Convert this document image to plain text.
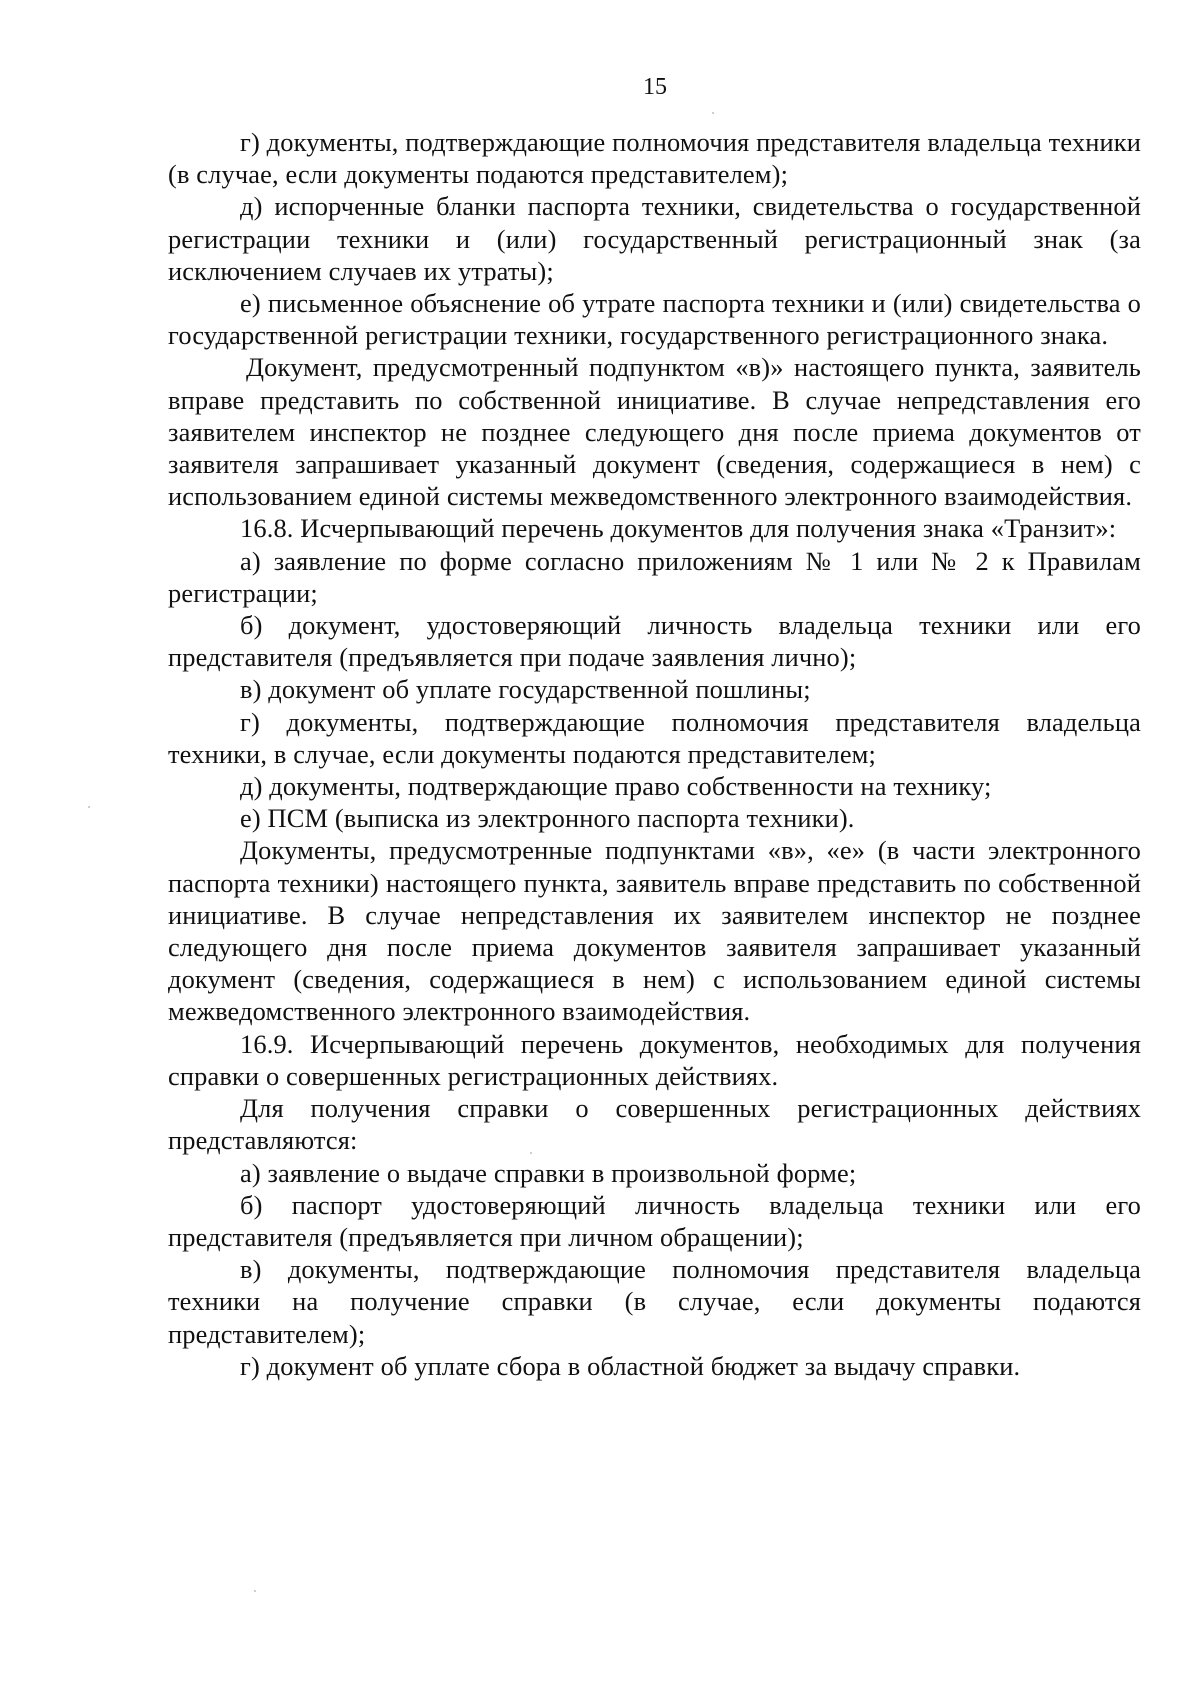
15

г) документы, подтверждающие полномочия представителя владельца техники (в случае, если документы подаются представителем);

д) испорченные бланки паспорта техники, свидетельства о государственной регистрации техники и (или) государственный регистрационный знак (за исключением случаев их утраты);

е) письменное объяснение об утрате паспорта техники и (или) свидетельства о государственной регистрации техники, государственного регистрационного знака.

Документ, предусмотренный подпунктом «в)» настоящего пункта, заявитель вправе представить по собственной инициативе. В случае непредставления его заявителем инспектор не позднее следующего дня после приема документов от заявителя запрашивает указанный документ (сведения, содержащиеся в нем) с использованием единой системы межведомственного электронного взаимодействия.

16.8. Исчерпывающий перечень документов для получения знака «Транзит»:

а) заявление по форме согласно приложениям № 1 или № 2 к Правилам регистрации;

б) документ, удостоверяющий личность владельца техники или его представителя (предъявляется при подаче заявления лично);

в) документ об уплате государственной пошлины;

г) документы, подтверждающие полномочия представителя владельца техники, в случае, если документы подаются представителем;

д) документы, подтверждающие право собственности на технику;

е) ПСМ (выписка из электронного паспорта техники).

Документы, предусмотренные подпунктами «в», «е» (в части электронного паспорта техники) настоящего пункта, заявитель вправе представить по собственной инициативе. В случае непредставления их заявителем инспектор не позднее следующего дня после приема документов заявителя запрашивает указанный документ (сведения, содержащиеся в нем) с использованием единой системы межведомственного электронного взаимодействия.

16.9. Исчерпывающий перечень документов, необходимых для получения справки о совершенных регистрационных действиях.

Для получения справки о совершенных регистрационных действиях представляются:

а) заявление о выдаче справки в произвольной форме;

б) паспорт удостоверяющий личность владельца техники или его представителя (предъявляется при личном обращении);

в) документы, подтверждающие полномочия представителя владельца техники на получение справки (в случае, если документы подаются представителем);

г) документ об уплате сбора в областной бюджет за выдачу справки.
